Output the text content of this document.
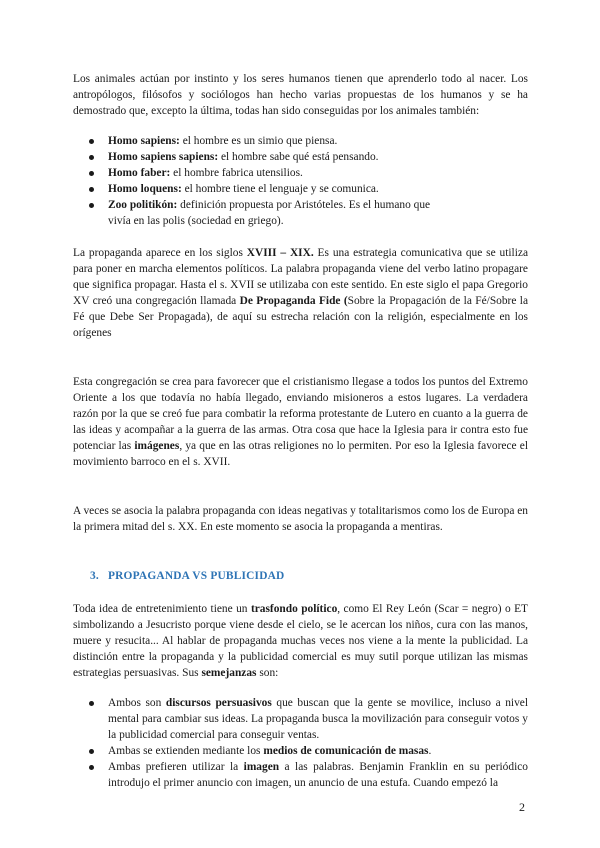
Los animales actúan por instinto y los seres humanos tienen que aprenderlo todo al nacer. Los antropólogos, filósofos y sociólogos han hecho varias propuestas de los humanos y se ha demostrado que, excepto la última, todas han sido conseguidas por los animales también:

Homo sapiens: el hombre es un simio que piensa.
Homo sapiens sapiens: el hombre sabe qué está pensando.
Homo faber: el hombre fabrica utensilios.
Homo loquens: el hombre tiene el lenguaje y se comunica.
Zoo politikón: definición propuesta por Aristóteles. Es el humano que
vivía en las polis (sociedad en griego).

La propaganda aparece en los siglos XVIII – XIX. Es una estrategia comunicativa que se utiliza para poner en marcha elementos políticos. La palabra propaganda viene del verbo latino propagare que significa propagar. Hasta el s. XVII se utilizaba con este sentido. En este siglo el papa Gregorio XV creó una congregación llamada De Propaganda Fide (Sobre la Propagación de la Fé/Sobre la Fé que Debe Ser Propagada), de aquí su estrecha relación con la religión, especialmente en los orígenes

Esta congregación se crea para favorecer que el cristianismo llegase a todos los puntos del Extremo Oriente a los que todavía no había llegado, enviando misioneros a estos lugares. La verdadera razón por la que se creó fue para combatir la reforma protestante de Lutero en cuanto a la guerra de las ideas y acompañar a la guerra de las armas. Otra cosa que hace la Iglesia para ir contra esto fue potenciar las imágenes, ya que en las otras religiones no lo permiten. Por eso la Iglesia favorece el movimiento barroco en el s. XVII.

A veces se asocia la palabra propaganda con ideas negativas y totalitarismos como los de Europa en la primera mitad del s. XX. En este momento se asocia la propaganda a mentiras.

3. PROPAGANDA VS PUBLICIDAD

Toda idea de entretenimiento tiene un trasfondo político, como El Rey León (Scar = negro) o ET simbolizando a Jesucristo porque viene desde el cielo, se le acercan los niños, cura con las manos, muere y resucita... Al hablar de propaganda muchas veces nos viene a la mente la publicidad. La distinción entre la propaganda y la publicidad comercial es muy sutil porque utilizan las mismas estrategias persuasivas. Sus semejanzas son:

Ambos son discursos persuasivos que buscan que la gente se movilice, incluso a nivel mental para cambiar sus ideas. La propaganda busca la movilización para conseguir votos y la publicidad comercial para conseguir ventas.
Ambas se extienden mediante los medios de comunicación de masas.
Ambas prefieren utilizar la imagen a las palabras. Benjamin Franklin en su periódico introdujo el primer anuncio con imagen, un anuncio de una estufa. Cuando empezó la
2
